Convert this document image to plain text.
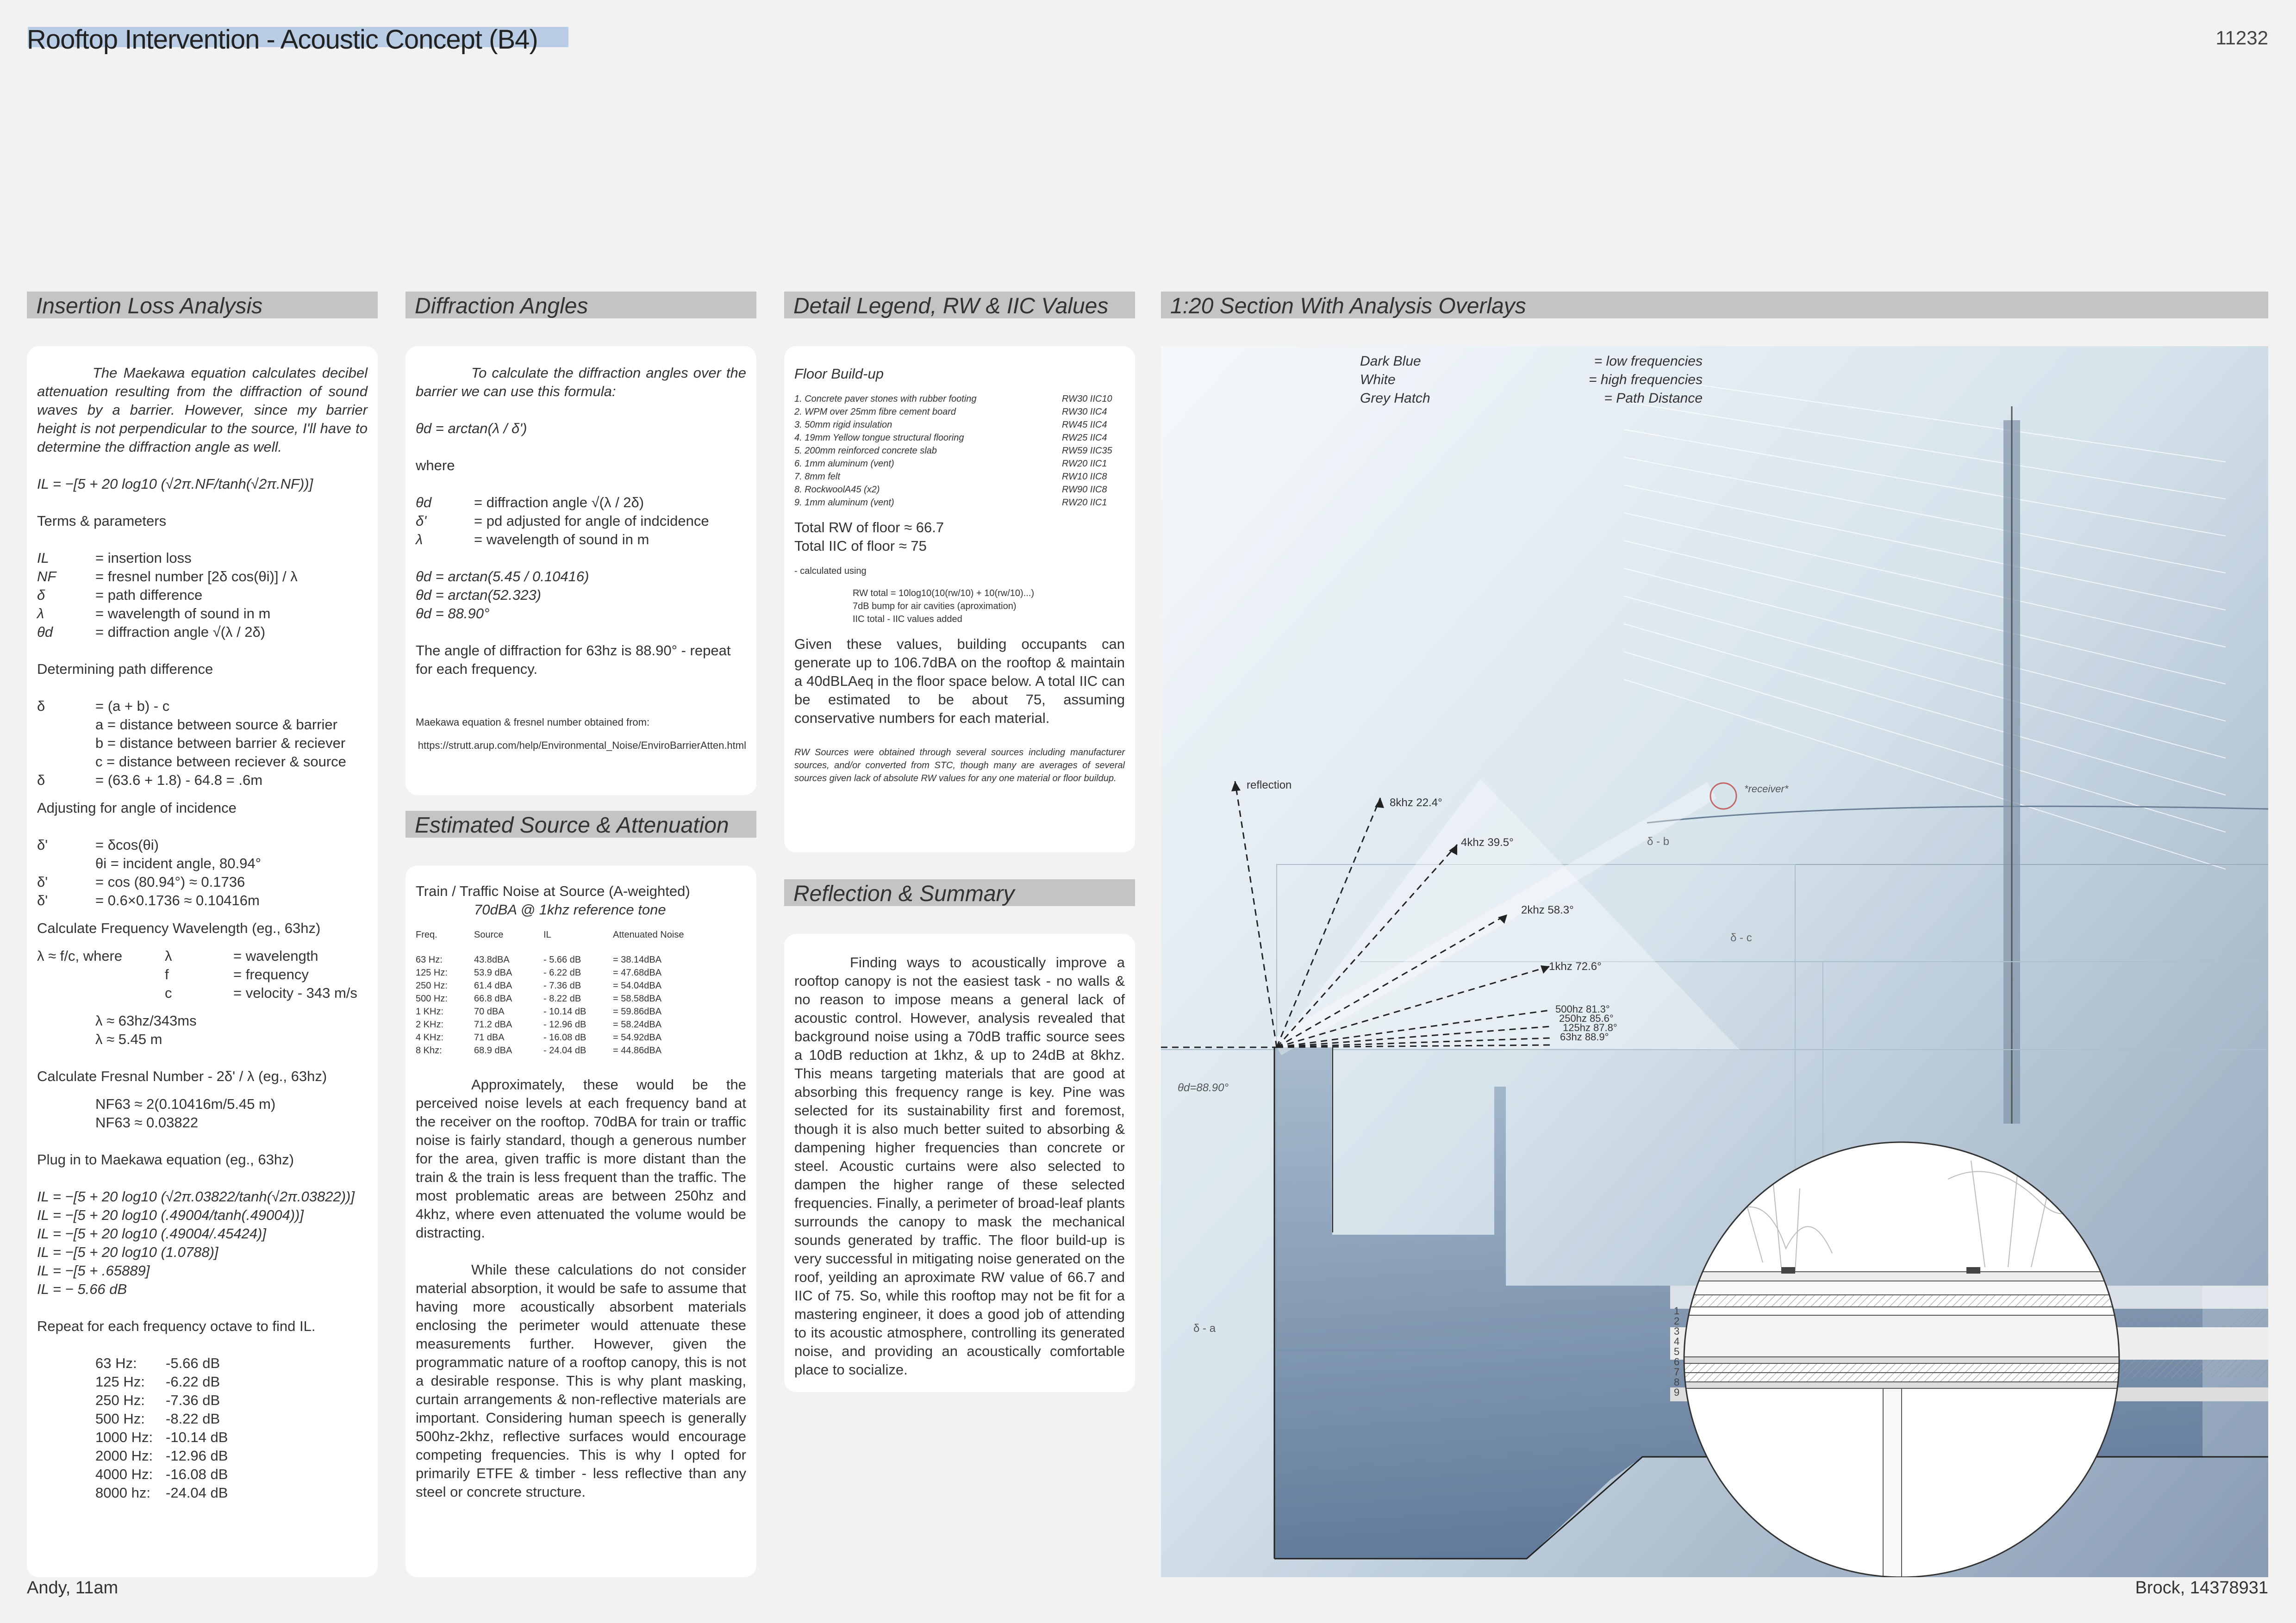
Rooftop Intervention - Acoustic Concept (B4)	11232
Insertion Loss Analysis	Diffraction Angles	Detail Legend, RW & IIC Values	1:20 Section With Analysis Overlays

The Maekawa equation calculates decibel attenuation resulting from the diffraction of sound waves by a barrier. However, since my barrier height is not perpendicular to the source, I'll have to determine the diffraction angle as well.

IL = −[5 + 20 log10 (√2π.NF/tanh(√2π.NF))]

Terms & parameters

IL	= insertion loss
NF	= fresnel number [2δ cos(θi)] / λ
δ	= path difference
λ	= wavelength of sound in m
θd	= diffraction angle √(λ / 2δ)

Determining path difference

δ	= (a + b) - c
a = distance between source & barrier
b = distance between barrier & reciever
c = distance between reciever & source
δ	= (63.6 + 1.8) - 64.8 = .6m

Adjusting for angle of incidence

δ'	= δcos(θi)
θi = incident angle, 80.94°
δ'	= cos (80.94°) ≈ 0.1736
δ'	= 0.6×0.1736 ≈ 0.10416m

Calculate Frequency Wavelength (eg., 63hz)

λ ≈ f/c, where	λ	= wavelength
f	= frequency
c	= velocity - 343 m/s

λ ≈ 63hz/343ms

λ ≈ 5.45 m

Calculate Fresnal Number - 2δ' / λ (eg., 63hz)

NF63 ≈ 2(0.10416m/5.45 m)

NF63 ≈ 0.03822

Plug in to Maekawa equation (eg., 63hz)

IL = −[5 + 20 log10 (√2π.03822/tanh(√2π.03822))]

IL = −[5 + 20 log10 (.49004/tanh(.49004))]

IL = −[5 + 20 log10 (.49004/.45424)]

IL = −[5 + 20 log10 (1.0788)]

IL = −[5 + .65889]

IL = − 5.66 dB

Repeat for each frequency octave to find IL.

63 Hz:	-5.66 dB
125 Hz:	-6.22 dB
250 Hz:	-7.36 dB
500 Hz:	-8.22 dB
1000 Hz: -10.14 dB
2000 Hz: -12.96 dB
4000 Hz: -16.08 dB
8000 hz:	-24.04 dB

To calculate the diffraction angles over the barrier we can use this formula:

θd = arctan(λ / δ')

where

θd	= diffraction angle √(λ / 2δ)
δ'	= pd adjusted for angle of indcidence
λ	= wavelength of sound in m

θd = arctan(5.45 / 0.10416)

θd = arctan(52.323)

θd = 88.90°

The angle of diffraction for 63hz is 88.90° - repeat for each frequency.

Maekawa equation & fresnel number obtained from:

https://strutt.arup.com/help/Environmental_Noise/EnviroBarrierAtten.html

Estimated Source & Attenuation

Train / Traffic Noise at Source (A-weighted)

70dBA @ 1khz reference tone

Freq.	Source	IL	Attenuated Noise

63 Hz:	43.8dBA	- 5.66 dB	= 38.14dBA
125 Hz:	53.9 dBA	- 6.22 dB	= 47.68dBA
250 Hz:	61.4 dBA	- 7.36 dB	= 54.04dBA
500 Hz:	66.8 dBA	- 8.22 dB	= 58.58dBA
1 KHz:	70 dBA	- 10.14 dB	= 59.86dBA
2 KHz:	71.2 dBA	- 12.96 dB	= 58.24dBA
4 KHz:	71 dBA	- 16.08 dB	= 54.92dBA
8 Khz:	68.9 dBA	- 24.04 dB	= 44.86dBA

Approximately, these would be the perceived noise levels at each frequency band at the receiver on the rooftop. 70dBA for train or traffic noise is fairly standard, though a generous number for the area, given traffic is more distant than the train & the train is less frequent than the traffic. The most problematic areas are between 250hz and 4khz, where even attenuated the volume would be distracting.

While these calculations do not consider material absorption, it would be safe to assume that having more acoustically absorbent materials enclosing the perimeter would attenuate these measurements further. However, given the programmatic nature of a rooftop canopy, this is not a desirable response. This is why plant masking, curtain arrangements & non-reflective materials are important. Considering human speech is generally 500hz-2khz, reflective surfaces would encourage competing frequencies. This is why I opted for primarily ETFE & timber - less reflective than any steel or concrete structure.

Floor Build-up

1. Concrete paver stones with rubber footing	RW30 IIC10
2. WPM over 25mm fibre cement board	RW30 IIC4
3. 50mm rigid insulation	RW45 IIC4
4. 19mm Yellow tongue structural flooring	RW25 IIC4
5. 200mm reinforced concrete slab	RW59 IIC35
6. 1mm aluminum (vent)	RW20 IIC1
7. 8mm felt	RW10 IIC8
8. RockwoolA45 (x2)	RW90 IIC8
9. 1mm aluminum (vent)	RW20 IIC1

Total RW of floor ≈ 66.7

Total IIC of floor ≈ 75

- calculated using

RW total = 10log10(10(rw/10) + 10(rw/10)...)

7dB bump for air cavities (aproximation)

IIC total - IIC values added

Given these values, building occupants can generate up to 106.7dBA on the rooftop & maintain a 40dBLAeq in the floor space below. A total IIC can be estimated to be about 75, assuming conservative numbers for each material.

RW Sources were obtained through several sources including manufacturer sources, and/or converted from STC, though many are averages of several sources given lack of absolute RW values for any one material or floor buildup.

Reflection & Summary

Finding ways to acoustically improve a rooftop canopy is not the easiest task - no walls & no reason to impose means a general lack of acoustic control. However, analysis revealed that background noise using a 70dB traffic source sees a 10dB reduction at 1khz, & up to 24dB at 8khz. This means targeting materials that are good at absorbing this frequency range is key. Pine was selected for its sustainability first and foremost, though it is also much better suited to absorbing & dampening higher frequencies than concrete or steel. Acoustic curtains were also selected to dampen the higher range of these selected frequencies. Finally, a perimeter of broad-leaf plants surrounds the canopy to mask the mechanical sounds generated by traffic. The floor build-up is very successful in mitigating noise generated on the roof, yeilding an aproximate RW value of 66.7 and IIC of 75. So, while this rooftop may not be fit for a mastering engineer, it does a good job of attending to its acoustic atmosphere, controlling its generated noise, and providing an acoustically comfortable place to socialize.

1
2
3
4
5
6
7
8
9
Dark Blue
White
Grey Hatch
= low frequencies
= high frequencies
= Path Distance
8khz 22.4°
4khz 39.5°
2khz 58.3°
1khz 72.6°
500hz 81.3°
250hz 85.6°
125hz 87.8°
63hz 88.9°
reflection	*receiver*
δ - b
δ - c
δ - a
θd=88.90°
Andy, 11am	Brock, 14378931
